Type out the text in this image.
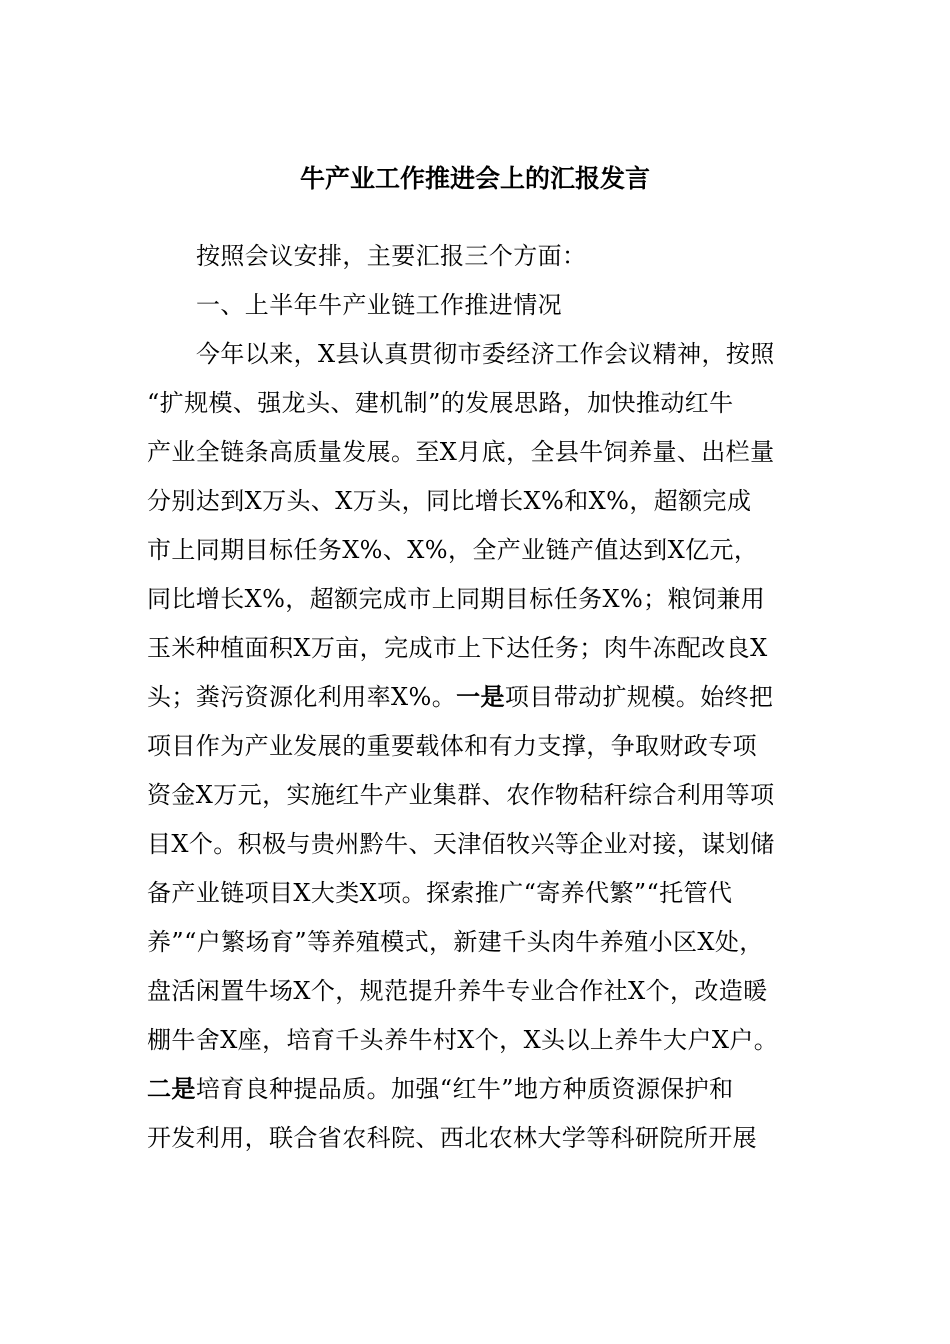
牛产业工作推进会上的汇报发言
按照会议安排，主要汇报三个方面：
一、上半年牛产业链工作推进情况
今年以来，X县认真贯彻市委经济工作会议精神，按照
“扩规模、强龙头、建机制”的发展思路，加快推动红牛
产业全链条高质量发展。至X月底，全县牛饲养量、出栏量
分别达到X万头、X万头，同比增长X%和X%，超额完成
市上同期目标任务X%、X%，全产业链产值达到X亿元，
同比增长X%，超额完成市上同期目标任务X%；粮饲兼用
玉米种植面积X万亩，完成市上下达任务；肉牛冻配改良X
头；粪污资源化利用率X%。一是项目带动扩规模。始终把
项目作为产业发展的重要载体和有力支撑，争取财政专项
资金X万元，实施红牛产业集群、农作物秸秆综合利用等项
目X个。积极与贵州黔牛、天津佰牧兴等企业对接，谋划储
备产业链项目X大类X项。探索推广“寄养代繁”“托管代
养”“户繁场育”等养殖模式，新建千头肉牛养殖小区X处，
盘活闲置牛场X个，规范提升养牛专业合作社X个，改造暖
棚牛舍X座，培育千头养牛村X个，X头以上养牛大户X户。
二是培育良种提品质。加强“红牛”地方种质资源保护和
开发利用，联合省农科院、西北农林大学等科研院所开展
